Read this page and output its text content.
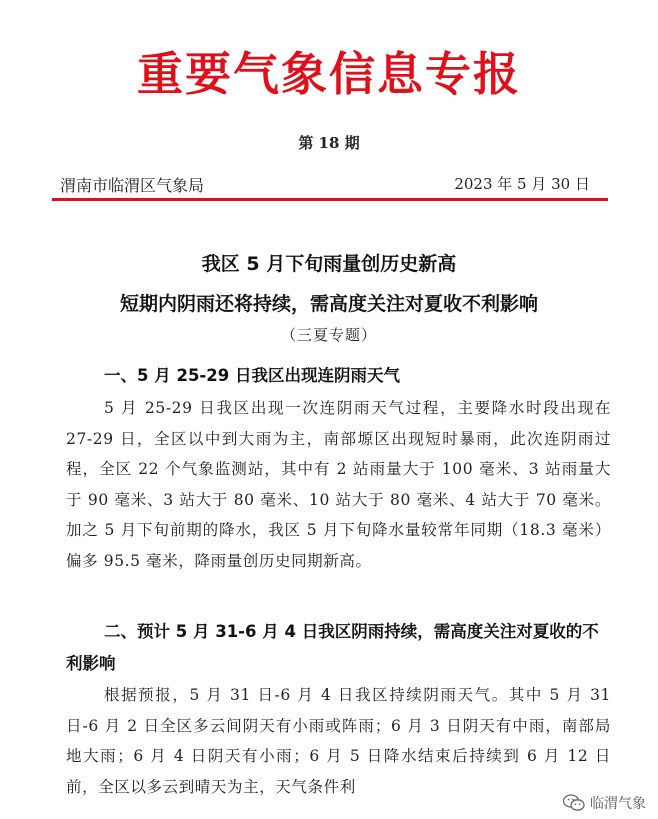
重要气象信息专报
第 18 期
渭南市临渭区气象局	2023 年 5 月 30 日
我区 5 月下旬雨量创历史新高
短期内阴雨还将持续，需高度关注对夏收不利影响
（三夏专题）
一、5 月 25-29 日我区出现连阴雨天气
5 月 25-29 日我区出现一次连阴雨天气过程，主要降水时段出现在 27-29 日，全区以中到大雨为主，南部塬区出现短时暴雨，此次连阴雨过程，全区 22 个气象监测站，其中有 2 站雨量大于 100 毫米、3 站雨量大于 90 毫米、3 站大于 80 毫米、10 站大于 80 毫米、4 站大于 70 毫米。加之 5 月下旬前期的降水，我区 5 月下旬降水量较常年同期（18.3 毫米）偏多 95.5 毫米，降雨量创历史同期新高。
二、预计 5 月 31-6 月 4 日我区阴雨持续，需高度关注对夏收的不利影响
根据预报，5 月 31 日-6 月 4 日我区持续阴雨天气。其中 5 月 31 日-6 月 2 日全区多云间阴天有小雨或阵雨；6 月 3 日阴天有中雨，南部局地大雨；6 月 4 日阴天有小雨；6 月 5 日降水结束后持续到 6 月 12 日前，全区以多云到晴天为主，天气条件利
临渭气象
